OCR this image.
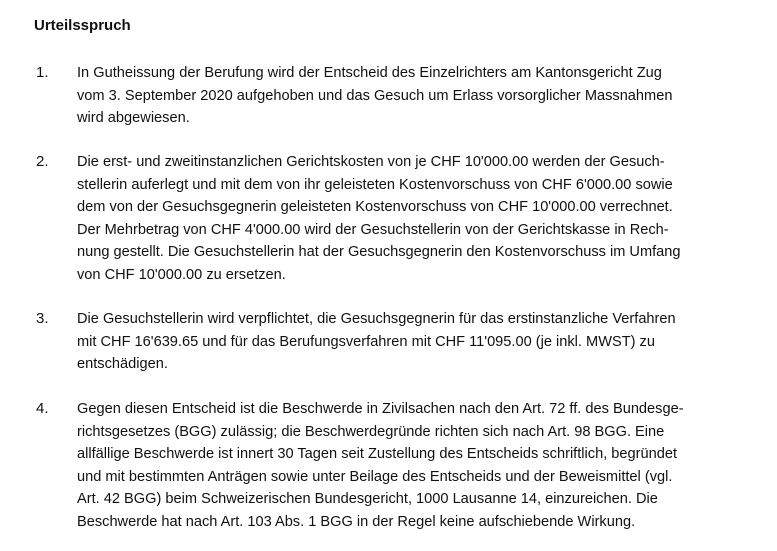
Urteilsspruch
1. In Gutheissung der Berufung wird der Entscheid des Einzelrichters am Kantonsgericht Zug
vom 3. September 2020 aufgehoben und das Gesuch um Erlass vorsorglicher Massnahmen
wird abgewiesen.
2. Die erst- und zweitinstanzlichen Gerichtskosten von je CHF 10'000.00 werden der Gesuch-
stellerin auferlegt und mit dem von ihr geleisteten Kostenvorschuss von CHF 6'000.00 sowie
dem von der Gesuchsgegnerin geleisteten Kostenvorschuss von CHF 10'000.00 verrechnet.
Der Mehrbetrag von CHF 4'000.00 wird der Gesuchstellerin von der Gerichtskasse in Rech-
nung gestellt. Die Gesuchstellerin hat der Gesuchsgegnerin den Kostenvorschuss im Umfang
von CHF 10'000.00 zu ersetzen.
3. Die Gesuchstellerin wird verpflichtet, die Gesuchsgegnerin für das erstinstanzliche Verfahren
mit CHF 16'639.65 und für das Berufungsverfahren mit CHF 11'095.00 (je inkl. MWST) zu
entschädigen.
4. Gegen diesen Entscheid ist die Beschwerde in Zivilsachen nach den Art. 72 ff. des Bundesge-
richtsgesetzes (BGG) zulässig; die Beschwerdegründe richten sich nach Art. 98 BGG. Eine
allfällige Beschwerde ist innert 30 Tagen seit Zustellung des Entscheids schriftlich, begründet
und mit bestimmten Anträgen sowie unter Beilage des Entscheids und der Beweismittel (vgl.
Art. 42 BGG) beim Schweizerischen Bundesgericht, 1000 Lausanne 14, einzureichen. Die
Beschwerde hat nach Art. 103 Abs. 1 BGG in der Regel keine aufschiebende Wirkung.
